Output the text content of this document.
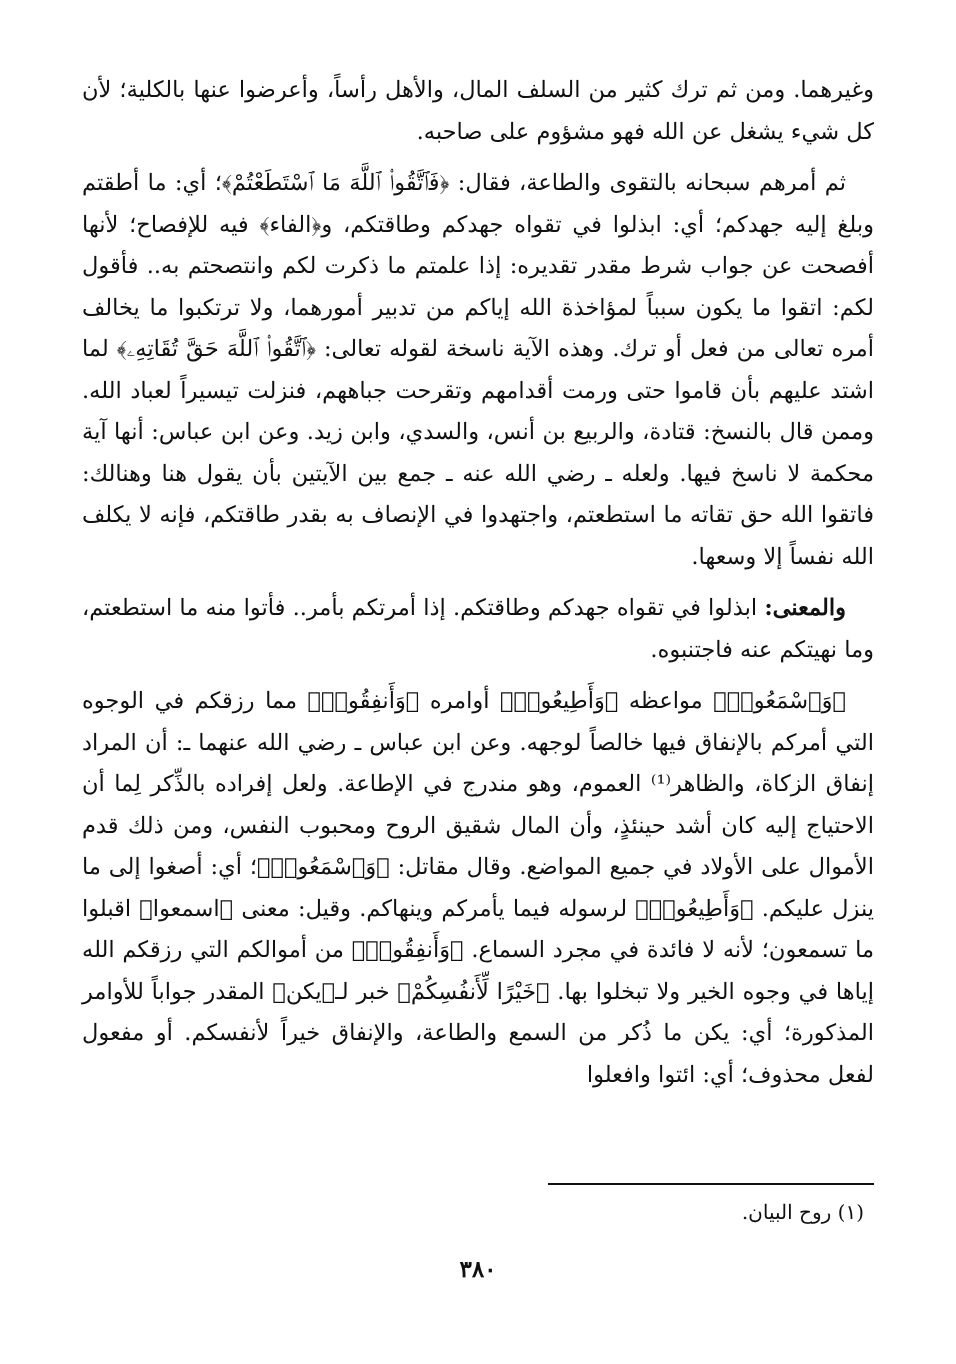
وغيرهما. ومن ثم ترك كثير من السلف المال، والأهل رأساً، وأعرضوا عنها بالكلية؛ لأن كل شيء يشغل عن الله فهو مشؤوم على صاحبه.

ثم أمرهم سبحانه بالتقوى والطاعة، فقال: ﴿فَٱتَّقُوا۟ ٱللَّهَ مَا ٱسْتَطَعْتُمْ﴾؛ أي: ما أطقتم وبلغ إليه جهدكم؛ أي: ابذلوا في تقواه جهدكم وطاقتكم، و﴿الفاء﴾ فيه للإفصاح؛ لأنها أفصحت عن جواب شرط مقدر تقديره: إذا علمتم ما ذكرت لكم وانتصحتم به.. فأقول لكم: اتقوا ما يكون سبباً لمؤاخذة الله إياكم من تدبير أمورهما، ولا ترتكبوا ما يخالف أمره تعالى من فعل أو ترك. وهذه الآية ناسخة لقوله تعالى: ﴿ٱتَّقُوا۟ ٱللَّهَ حَقَّ تُقَاتِهِۦ﴾ لما اشتد عليهم بأن قاموا حتى ورمت أقدامهم وتقرحت جباههم، فنزلت تيسيراً لعباد الله. وممن قال بالنسخ: قتادة، والربيع بن أنس، والسدي، وابن زيد. وعن ابن عباس: أنها آية محكمة لا ناسخ فيها. ولعله ـ رضي الله عنه ـ جمع بين الآيتين بأن يقول هنا وهنالك: فاتقوا الله حق تقاته ما استطعتم، واجتهدوا في الإنصاف به بقدر طاقتكم، فإنه لا يكلف الله نفساً إلا وسعها.

والمعنى: ابذلوا في تقواه جهدكم وطاقتكم. إذا أمرتكم بأمر.. فأتوا منه ما استطعتم، وما نهيتكم عنه فاجتنبوه.

﴿وَٱسْمَعُوا۟﴾ مواعظه ﴿وَأَطِيعُوا۟﴾ أوامره ﴿وَأَنفِقُوا۟﴾ مما رزقكم في الوجوه التي أمركم بالإنفاق فيها خالصاً لوجهه. وعن ابن عباس ـ رضي الله عنهما ـ: أن المراد إنفاق الزكاة، والظاهر⁽¹⁾ العموم، وهو مندرج في الإطاعة. ولعل إفراده بالذِّكر لِما أن الاحتياج إليه كان أشد حينئذٍ، وأن المال شقيق الروح ومحبوب النفس، ومن ذلك قدم الأموال على الأولاد في جميع المواضع. وقال مقاتل: ﴿وَٱسْمَعُوا۟﴾؛ أي: أصغوا إلى ما ينزل عليكم. ﴿وَأَطِيعُوا۟﴾ لرسوله فيما يأمركم وينهاكم. وقيل: معنى ﴿اسمعوا﴾ اقبلوا ما تسمعون؛ لأنه لا فائدة في مجرد السماع. ﴿وَأَنفِقُوا۟﴾ من أموالكم التي رزقكم الله إياها في وجوه الخير ولا تبخلوا بها. ﴿خَيْرًا لِّأَنفُسِكُمْ﴾ خبر لـ﴿يكن﴾ المقدر جواباً للأوامر المذكورة؛ أي: يكن ما ذُكر من السمع والطاعة، والإنفاق خيراً لأنفسكم. أو مفعول لفعل محذوف؛ أي: ائتوا وافعلوا

(١) روح البيان.
٣٨٠
